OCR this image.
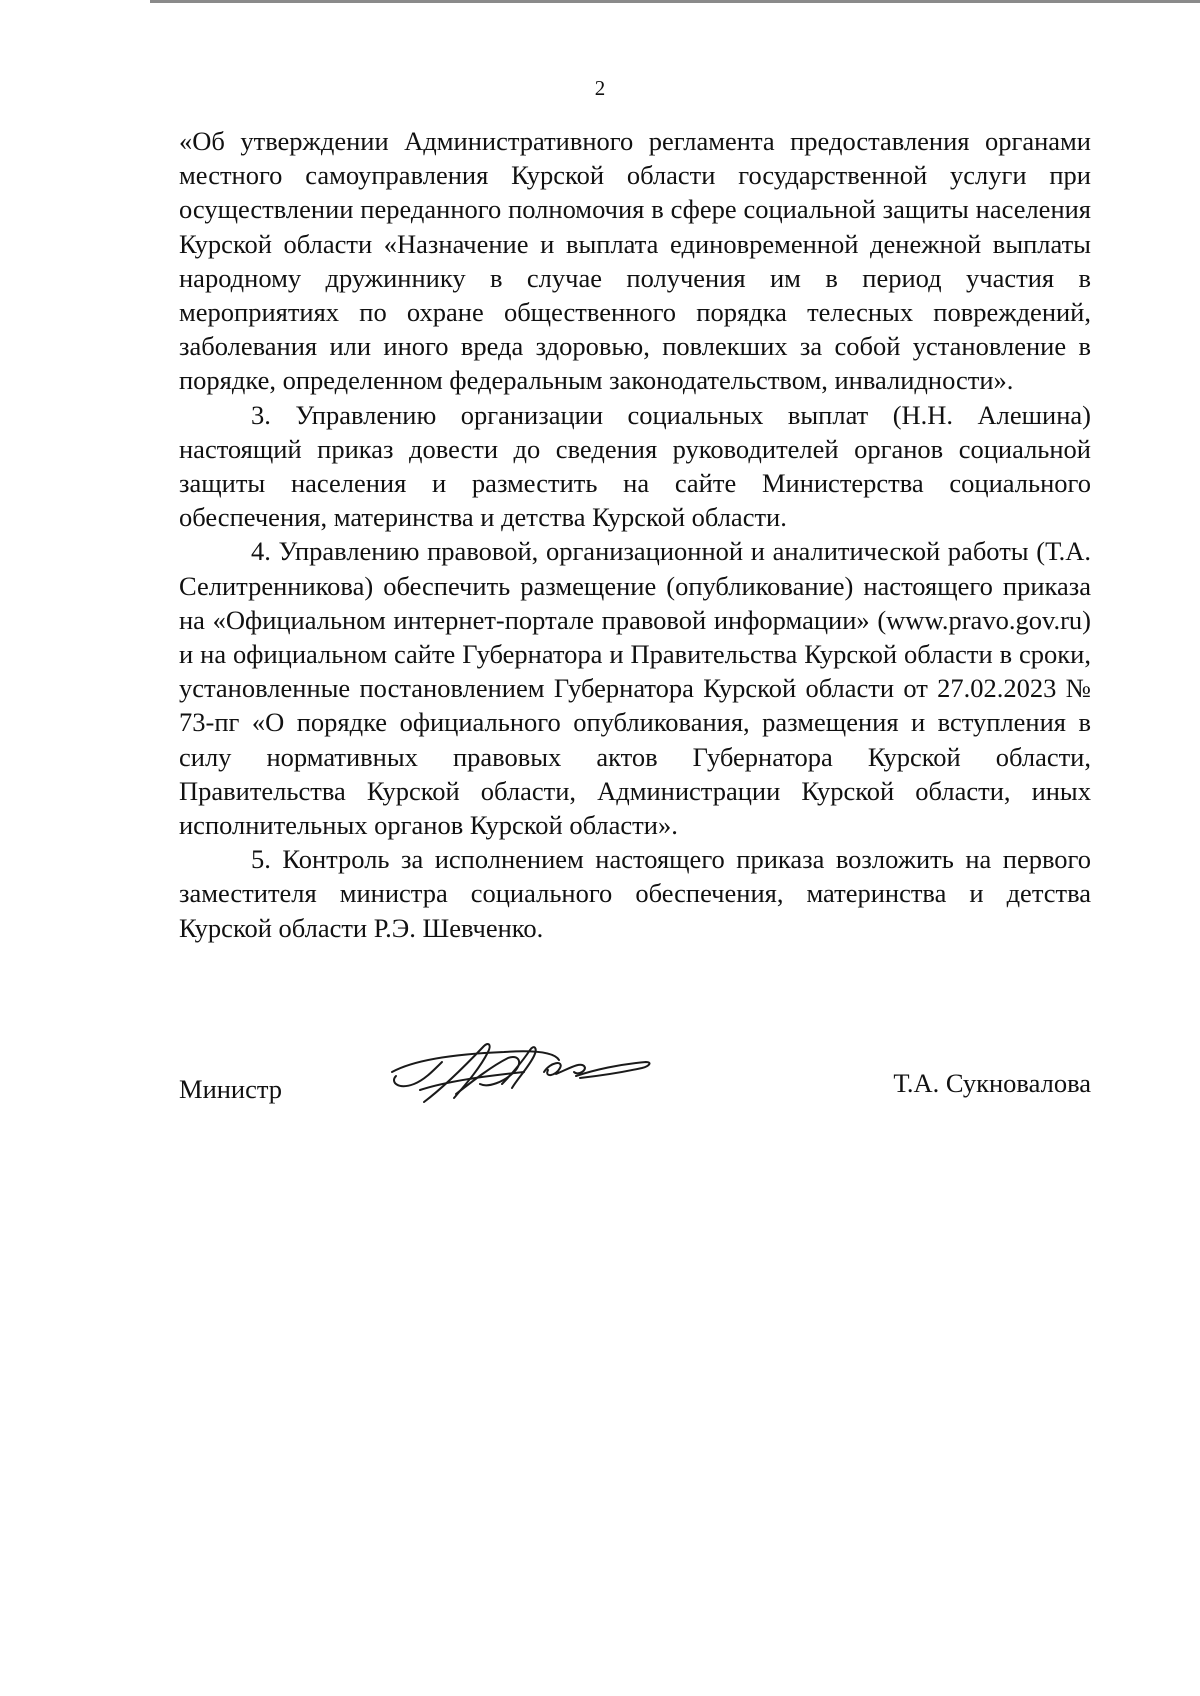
2

«Об утверждении Административного регламента предоставления органами местного самоуправления Курской области государственной услуги при осуществлении переданного полномочия в сфере социальной защиты населения Курской области «Назначение и выплата единовременной денежной выплаты народному дружиннику в случае получения им в период участия в мероприятиях по охране общественного порядка телесных повреждений, заболевания или иного вреда здоровью, повлекших за собой установление в порядке, определенном федеральным законодательством, инвалидности».

3. Управлению организации социальных выплат (Н.Н. Алешина) настоящий приказ довести до сведения руководителей органов социальной защиты населения и разместить на сайте Министерства социального обеспечения, материнства и детства Курской области.

4. Управлению правовой, организационной и аналитической работы (Т.А. Селитренникова) обеспечить размещение (опубликование) настоящего приказа на «Официальном интернет-портале правовой информации» (www.pravo.gov.ru) и на официальном сайте Губернатора и Правительства Курской области в сроки, установленные постановлением Губернатора Курской области от 27.02.2023 № 73-пг «О порядке официального опубликования, размещения и вступления в силу нормативных правовых актов Губернатора Курской области, Правительства Курской области, Администрации Курской области, иных исполнительных органов Курской области».

5. Контроль за исполнением настоящего приказа возложить на первого заместителя министра социального обеспечения, материнства и детства Курской области Р.Э. Шевченко.

Министр	Т.А. Сукновалова
